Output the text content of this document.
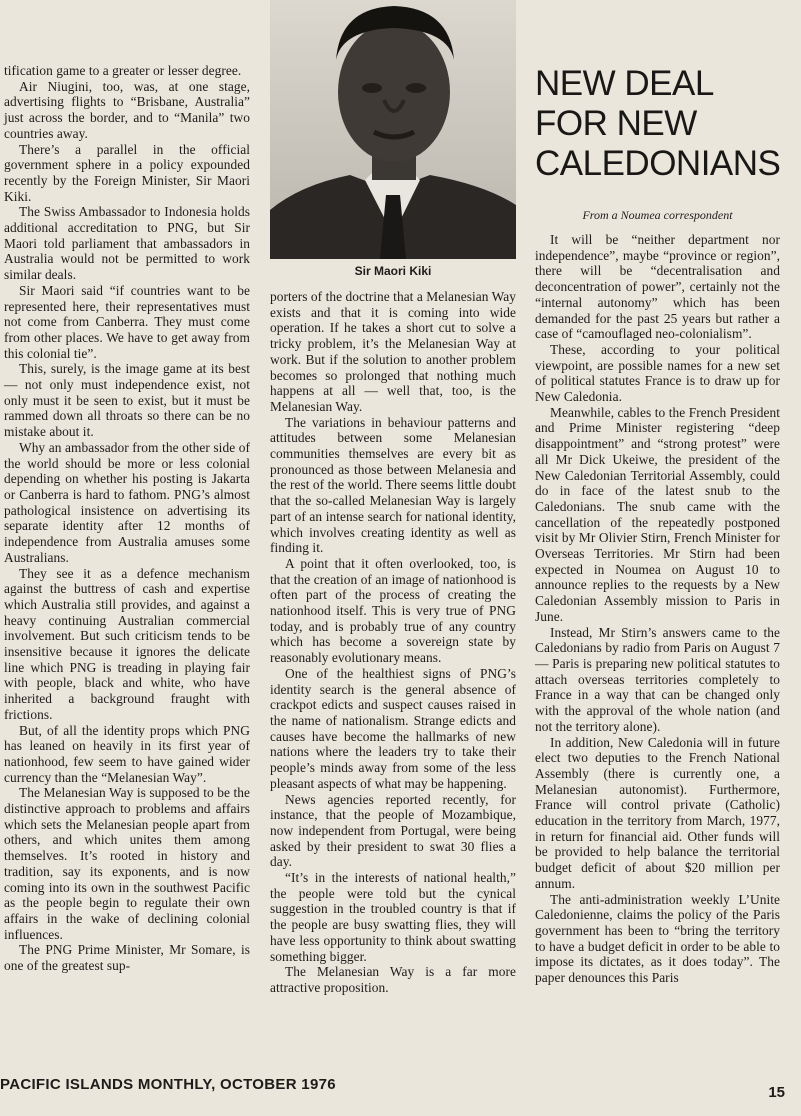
tification game to a greater or lesser degree.

Air Niugini, too, was, at one stage, advertising flights to “Brisbane, Australia” just across the border, and to “Manila” two countries away.

There’s a parallel in the official government sphere in a policy expounded recently by the Foreign Minister, Sir Maori Kiki.

The Swiss Ambassador to Indonesia holds additional accreditation to PNG, but Sir Maori told parliament that ambassadors in Australia would not be permitted to work similar deals.

Sir Maori said “if countries want to be represented here, their representatives must not come from Canberra. They must come from other places. We have to get away from this colonial tie”.

This, surely, is the image game at its best — not only must independence exist, not only must it be seen to exist, but it must be rammed down all throats so there can be no mistake about it.

Why an ambassador from the other side of the world should be more or less colonial depending on whether his posting is Jakarta or Canberra is hard to fathom. PNG’s almost pathological insistence on advertising its separate identity after 12 months of independence from Australia amuses some Australians.

They see it as a defence mechanism against the buttress of cash and expertise which Australia still provides, and against a heavy continuing Australian commercial involvement. But such criticism tends to be insensitive because it ignores the delicate line which PNG is treading in playing fair with people, black and white, who have inherited a background fraught with frictions.

But, of all the identity props which PNG has leaned on heavily in its first year of nationhood, few seem to have gained wider currency than the “Melanesian Way”.

The Melanesian Way is supposed to be the distinctive approach to problems and affairs which sets the Melanesian people apart from others, and which unites them among themselves. It’s rooted in history and tradition, say its exponents, and is now coming into its own in the southwest Pacific as the people begin to regulate their own affairs in the wake of declining colonial influences.

The PNG Prime Minister, Mr Somare, is one of the greatest sup-

Sir Maori Kiki

porters of the doctrine that a Melanesian Way exists and that it is coming into wide operation. If he takes a short cut to solve a tricky problem, it’s the Melanesian Way at work. But if the solution to another problem becomes so prolonged that nothing much happens at all — well that, too, is the Melanesian Way.

The variations in behaviour patterns and attitudes between some Melanesian communities themselves are every bit as pronounced as those between Melanesia and the rest of the world. There seems little doubt that the so-called Melanesian Way is largely part of an intense search for national identity, which involves creating identity as well as finding it.

A point that it often overlooked, too, is that the creation of an image of nationhood is often part of the process of creating the nationhood itself. This is very true of PNG today, and is probably true of any country which has become a sovereign state by reasonably evolutionary means.

One of the healthiest signs of PNG’s identity search is the general absence of crackpot edicts and suspect causes raised in the name of nationalism. Strange edicts and causes have become the hallmarks of new nations where the leaders try to take their people’s minds away from some of the less pleasant aspects of what may be happening.

News agencies reported recently, for instance, that the people of Mozambique, now independent from Portugal, were being asked by their president to swat 30 flies a day.

“It’s in the interests of national health,” the people were told but the cynical suggestion in the troubled country is that if the people are busy swatting flies, they will have less opportunity to think about swatting something bigger.

The Melanesian Way is a far more attractive proposition.

NEW DEAL
FOR NEW
CALEDONIANS
From a Noumea correspondent

It will be “neither department nor independence”, maybe “province or region”, there will be “decentralisation and deconcentration of power”, certainly not the “internal autonomy” which has been demanded for the past 25 years but rather a case of “camouflaged neo-colonialism”.

These, according to your political viewpoint, are possible names for a new set of political statutes France is to draw up for New Caledonia.

Meanwhile, cables to the French President and Prime Minister registering “deep disappointment” and “strong protest” were all Mr Dick Ukeiwe, the president of the New Caledonian Territorial Assembly, could do in face of the latest snub to the Caledonians. The snub came with the cancellation of the repeatedly postponed visit by Mr Olivier Stirn, French Minister for Overseas Territories. Mr Stirn had been expected in Noumea on August 10 to announce replies to the requests by a New Caledonian Assembly mission to Paris in June.

Instead, Mr Stirn’s answers came to the Caledonians by radio from Paris on August 7 — Paris is preparing new political statutes to attach overseas territories completely to France in a way that can be changed only with the approval of the whole nation (and not the territory alone).

In addition, New Caledonia will in future elect two deputies to the French National Assembly (there is currently one, a Melanesian autonomist). Furthermore, France will control private (Catholic) education in the territory from March, 1977, in return for financial aid. Other funds will be provided to help balance the territorial budget deficit of about $20 million per annum.

The anti-administration weekly L’Unite Caledonienne, claims the policy of the Paris government has been to “bring the territory to have a budget deficit in order to be able to impose its dictates, as it does today”. The paper denounces this Paris

PACIFIC ISLANDS MONTHLY, OCTOBER 1976	15
